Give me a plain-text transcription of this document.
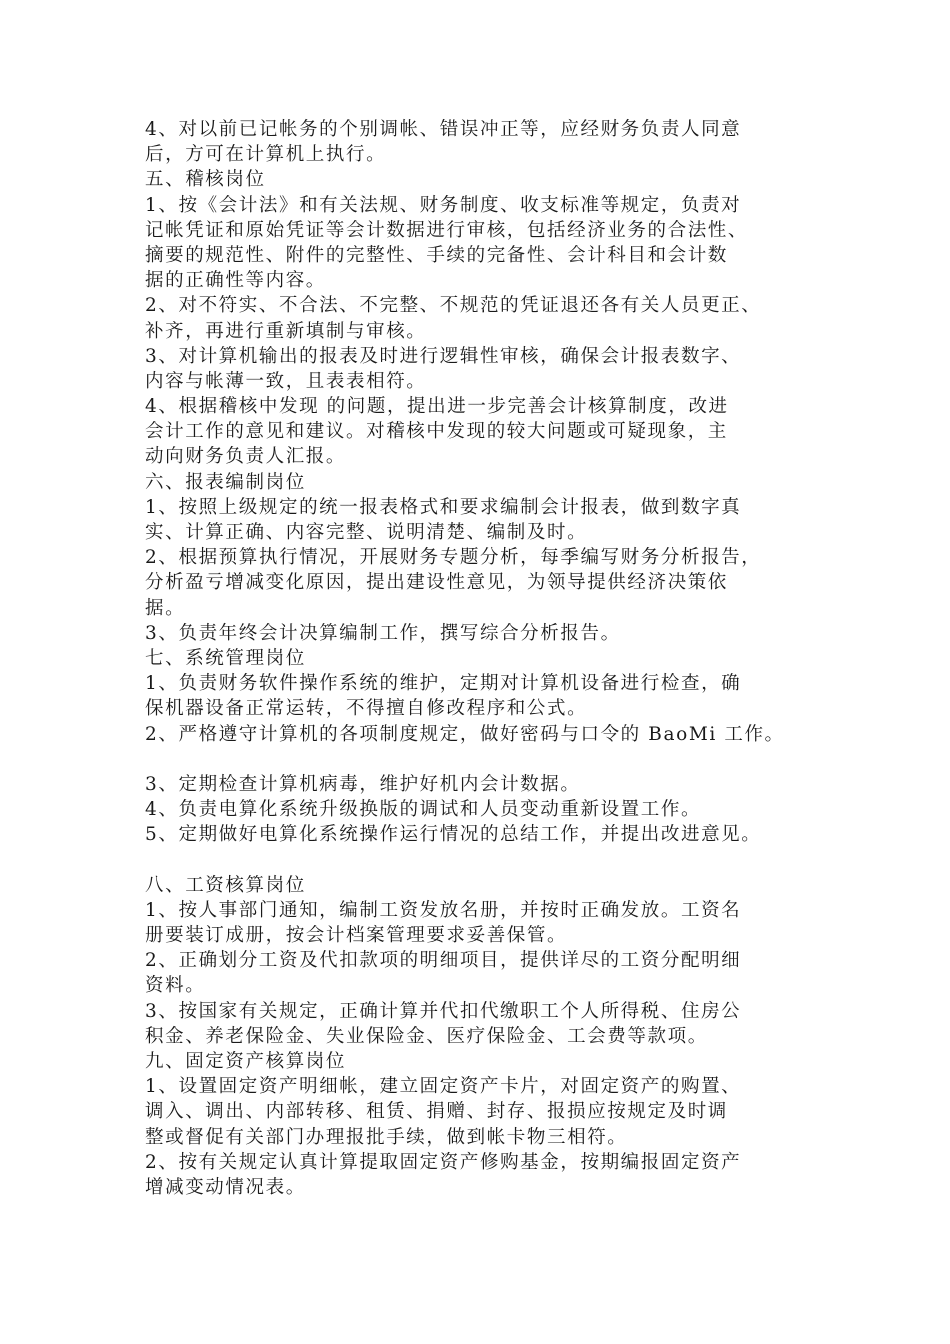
4、对以前已记帐务的个别调帐、错误冲正等，应经财务负责人同意
后，方可在计算机上执行。
五、稽核岗位
1、按《会计法》和有关法规、财务制度、收支标准等规定，负责对
记帐凭证和原始凭证等会计数据进行审核，包括经济业务的合法性、
摘要的规范性、附件的完整性、手续的完备性、会计科目和会计数
据的正确性等内容。
2、对不符实、不合法、不完整、不规范的凭证退还各有关人员更正、
补齐，再进行重新填制与审核。
3、对计算机输出的报表及时进行逻辑性审核，确保会计报表数字、
内容与帐薄一致，且表表相符。
4、根据稽核中发现 的问题，提出进一步完善会计核算制度，改进
会计工作的意见和建议。对稽核中发现的较大问题或可疑现象，主
动向财务负责人汇报。
六、报表编制岗位
1、按照上级规定的统一报表格式和要求编制会计报表，做到数字真
实、计算正确、内容完整、说明清楚、编制及时。
2、根据预算执行情况，开展财务专题分析，每季编写财务分析报告，
分析盈亏增减变化原因，提出建设性意见，为领导提供经济决策依
据。
3、负责年终会计决算编制工作，撰写综合分析报告。
七、系统管理岗位
1、负责财务软件操作系统的维护，定期对计算机设备进行检查，确
保机器设备正常运转，不得擅自修改程序和公式。
2、严格遵守计算机的各项制度规定，做好密码与口令的 BaoMi 工作。
3、定期检查计算机病毒，维护好机内会计数据。
4、负责电算化系统升级换版的调试和人员变动重新设置工作。
5、定期做好电算化系统操作运行情况的总结工作，并提出改进意见。
八、工资核算岗位
1、按人事部门通知，编制工资发放名册，并按时正确发放。工资名
册要装订成册，按会计档案管理要求妥善保管。
2、正确划分工资及代扣款项的明细项目，提供详尽的工资分配明细
资料。
3、按国家有关规定，正确计算并代扣代缴职工个人所得税、住房公
积金、养老保险金、失业保险金、医疗保险金、工会费等款项。
九、固定资产核算岗位
1、设置固定资产明细帐，建立固定资产卡片，对固定资产的购置、
调入、调出、内部转移、租赁、捐赠、封存、报损应按规定及时调
整或督促有关部门办理报批手续，做到帐卡物三相符。
2、按有关规定认真计算提取固定资产修购基金，按期编报固定资产
增减变动情况表。
